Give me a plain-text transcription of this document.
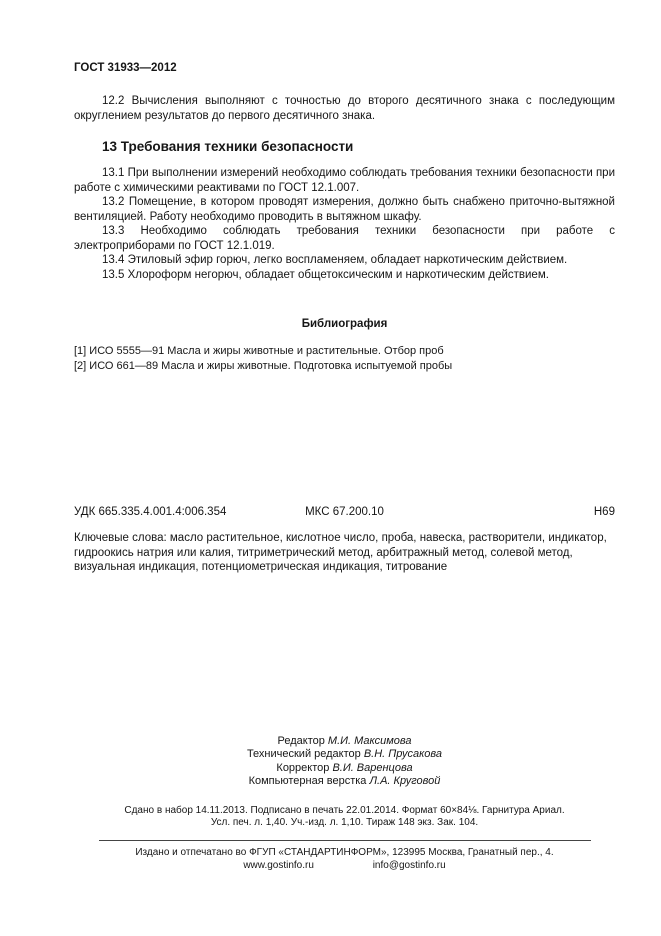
ГОСТ 31933—2012

12.2 Вычисления выполняют с точностью до второго десятичного знака с последующим округлением результатов до первого десятичного знака.

13 Требования техники безопасности

13.1 При выполнении измерений необходимо соблюдать требования техники безопасности при работе с химическими реактивами по ГОСТ 12.1.007.

13.2 Помещение, в котором проводят измерения, должно быть снабжено приточно-вытяжной вентиляцией. Работу необходимо проводить в вытяжном шкафу.

13.3 Необходимо соблюдать требования техники безопасности при работе с электроприборами по ГОСТ 12.1.019.

13.4 Этиловый эфир горюч, легко воспламеняем, обладает наркотическим действием.

13.5 Хлороформ негорюч, обладает общетоксическим и наркотическим действием.

Библиография

[1] ИСО 5555—91 Масла и жиры животные и растительные. Отбор проб

[2] ИСО 661—89 Масла и жиры животные. Подготовка испытуемой пробы

УДК 665.335.4.001.4:006.354	МКС 67.200.10	Н69

Ключевые слова: масло растительное, кислотное число, проба, навеска, растворители, индикатор, гидроокись натрия или калия, титриметрический метод, арбитражный метод, солевой метод, визуальная индикация, потенциометрическая индикация, титрование

Редактор М.И. Максимова
Технический редактор В.Н. Прусакова
Корректор В.И. Варенцова
Компьютерная верстка Л.А. Круговой
Сдано в набор 14.11.2013. Подписано в печать 22.01.2014. Формат 60×84⅛. Гарнитура Ариал.
Усл. печ. л. 1,40. Уч.-изд. л. 1,10. Тираж 148 экз. Зак. 104.
Издано и отпечатано во ФГУП «СТАНДАРТИНФОРМ», 123995 Москва, Гранатный пер., 4.
www.gostinfo.ru	info@gostinfo.ru
